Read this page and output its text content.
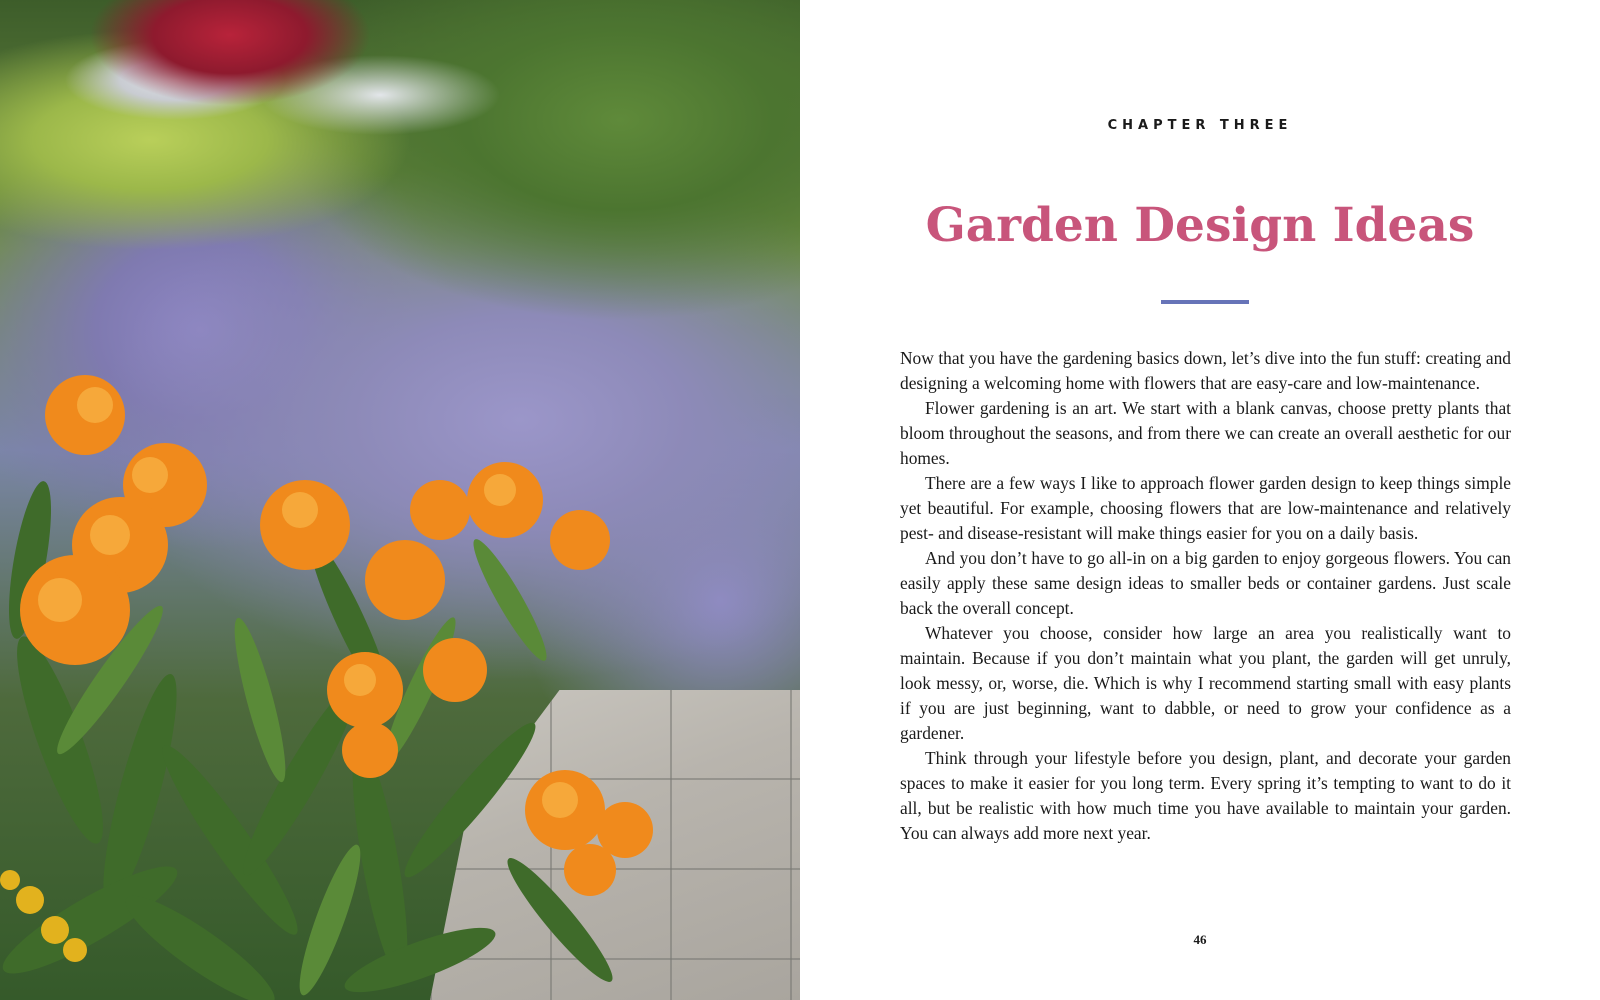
CHAPTER THREE
Garden Design Ideas

Now that you have the gardening basics down, let’s dive into the fun stuff: creating and designing a welcoming home with flowers that are easy-care and low-maintenance.

Flower gardening is an art. We start with a blank canvas, choose pretty plants that bloom throughout the seasons, and from there we can create an overall aesthetic for our homes.

There are a few ways I like to approach flower garden design to keep things simple yet beautiful. For example, choosing flowers that are low-maintenance and relatively pest- and disease-resistant will make things easier for you on a daily basis.

And you don’t have to go all-in on a big garden to enjoy gorgeous flowers. You can easily apply these same design ideas to smaller beds or container gardens. Just scale back the overall concept.

Whatever you choose, consider how large an area you realistically want to maintain. Because if you don’t maintain what you plant, the garden will get unruly, look messy, or, worse, die. Which is why I recommend starting small with easy plants if you are just beginning, want to dabble, or need to grow your confidence as a gardener.

Think through your lifestyle before you design, plant, and decorate your garden spaces to make it easier for you long term. Every spring it’s tempting to want to do it all, but be realistic with how much time you have available to maintain your garden. You can always add more next year.

46
